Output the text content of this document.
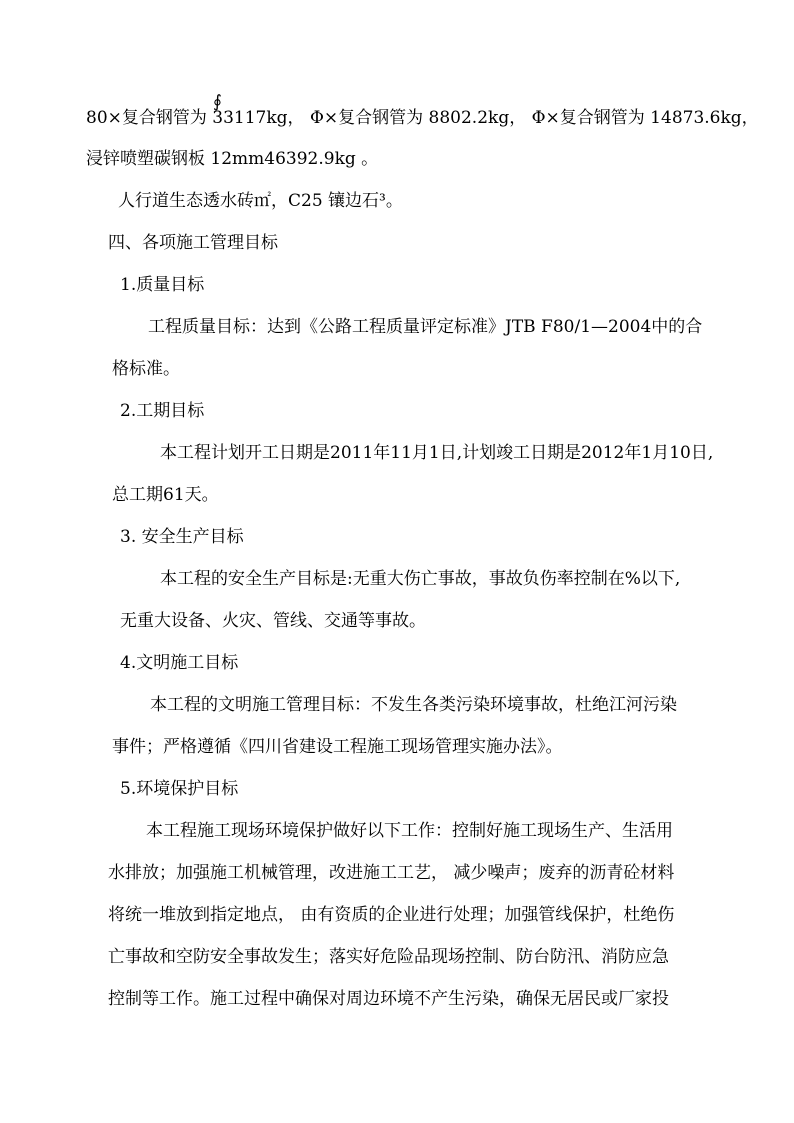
∮
80×复合钢管为 33117kg， Φ×复合钢管为 8802.2kg， Φ×复合钢管为 14873.6kg，
浸锌喷塑碳钢板 12mm46392.9kg 。
人行道生态透水砖㎡，C25 镶边石³。
四、各项施工管理目标
1.质量目标
工程质量目标：达到《公路工程质量评定标准》JTB F80/1—2004中的合
格标准。
2.工期目标
本工程计划开工日期是2011年11月1日,计划竣工日期是2012年1月10日,
总工期61天。
3. 安全生产目标
本工程的安全生产目标是:无重大伤亡事故，事故负伤率控制在%以下,
无重大设备、火灾、管线、交通等事故。
4.文明施工目标
本工程的文明施工管理目标：不发生各类污染环境事故，杜绝江河污染
事件；严格遵循《四川省建设工程施工现场管理实施办法》。
5.环境保护目标
本工程施工现场环境保护做好以下工作：控制好施工现场生产、生活用
水排放；加强施工机械管理，改进施工工艺， 减少噪声；废弃的沥青砼材料
将统一堆放到指定地点， 由有资质的企业进行处理；加强管线保护，杜绝伤
亡事故和空防安全事故发生；落实好危险品现场控制、防台防汛、消防应急
控制等工作。施工过程中确保对周边环境不产生污染，确保无居民或厂家投
